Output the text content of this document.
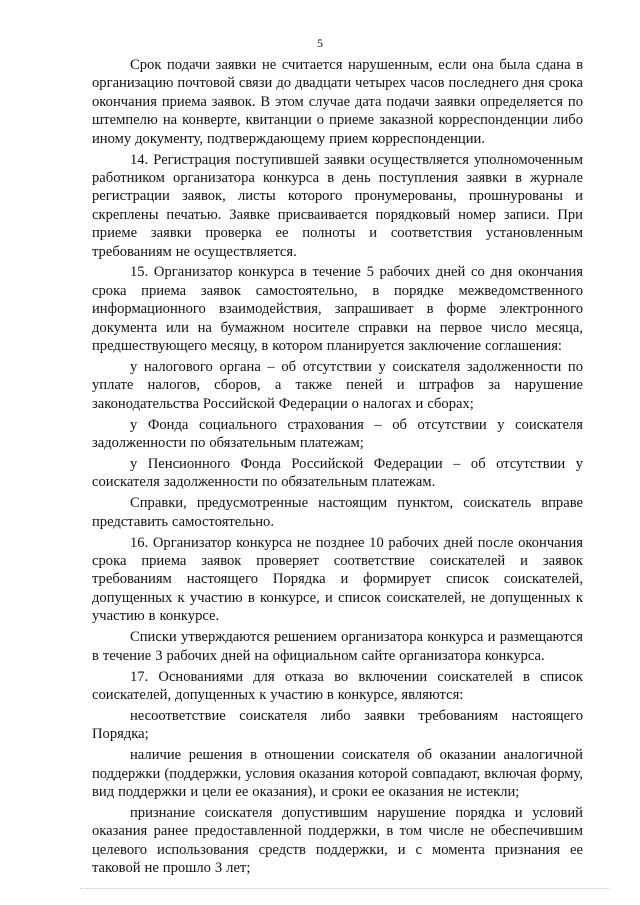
5

Срок подачи заявки не считается нарушенным, если она была сдана в организацию почтовой связи до двадцати четырех часов последнего дня срока окончания приема заявок. В этом случае дата подачи заявки определяется по штемпелю на конверте, квитанции о приеме заказной корреспонденции либо иному документу, подтверждающему прием корреспонденции.

14. Регистрация поступившей заявки осуществляется уполномоченным работником организатора конкурса в день поступления заявки в журнале регистрации заявок, листы которого пронумерованы, прошнурованы и скреплены печатью. Заявке присваивается порядковый номер записи. При приеме заявки проверка ее полноты и соответствия установленным требованиям не осуществляется.

15. Организатор конкурса в течение 5 рабочих дней со дня окончания срока приема заявок самостоятельно, в порядке межведомственного информационного взаимодействия, запрашивает в форме электронного документа или на бумажном носителе справки на первое число месяца, предшествующего месяцу, в котором планируется заключение соглашения:

у налогового органа – об отсутствии у соискателя задолженности по уплате налогов, сборов, а также пеней и штрафов за нарушение законодательства Российской Федерации о налогах и сборах;

у Фонда социального страхования – об отсутствии у соискателя задолженности по обязательным платежам;

у Пенсионного Фонда Российской Федерации – об отсутствии у соискателя задолженности по обязательным платежам.

Справки, предусмотренные настоящим пунктом, соискатель вправе представить самостоятельно.

16. Организатор конкурса не позднее 10 рабочих дней после окончания срока приема заявок проверяет соответствие соискателей и заявок требованиям настоящего Порядка и формирует список соискателей, допущенных к участию в конкурсе, и список соискателей, не допущенных к участию в конкурсе.

Списки утверждаются решением организатора конкурса и размещаются в течение 3 рабочих дней на официальном сайте организатора конкурса.

17. Основаниями для отказа во включении соискателей в список соискателей, допущенных к участию в конкурсе, являются:

несоответствие соискателя либо заявки требованиям настоящего Порядка;

наличие решения в отношении соискателя об оказании аналогичной поддержки (поддержки, условия оказания которой совпадают, включая форму, вид поддержки и цели ее оказания), и сроки ее оказания не истекли;

признание соискателя допустившим нарушение порядка и условий оказания ранее предоставленной поддержки, в том числе не обеспечившим целевого использования средств поддержки, и с момента признания ее таковой не прошло 3 лет;
